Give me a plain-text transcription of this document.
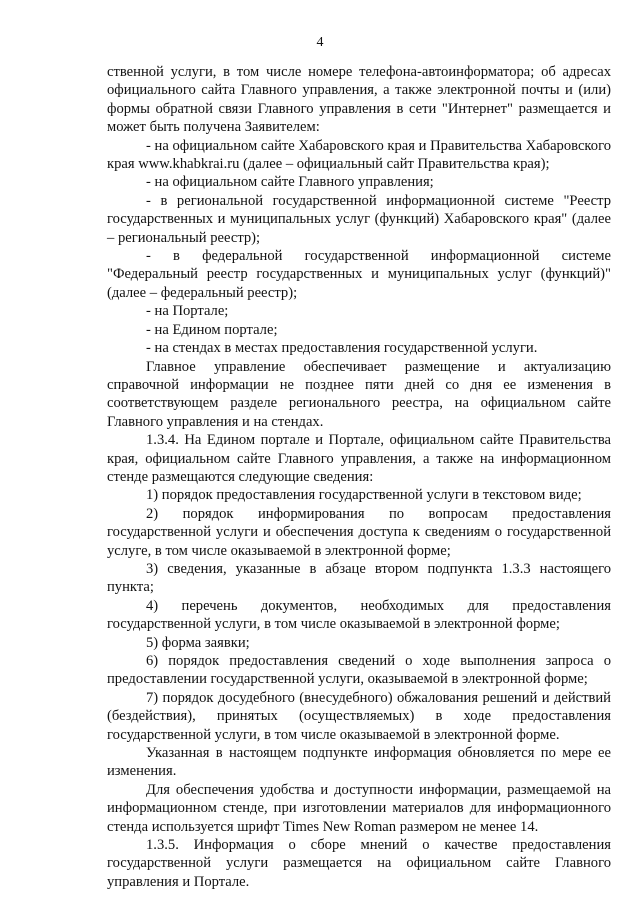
4

ственной услуги, в том числе номере телефона-автоинформатора; об адресах официального сайта Главного управления, а также электронной почты и (или) формы обратной связи Главного управления в сети "Интернет" размещается и может быть получена Заявителем:

- на официальном сайте Хабаровского края и Правительства Хабаровского края www.khabkrai.ru (далее – официальный сайт Правительства края);

- на официальном сайте Главного управления;

- в региональной государственной информационной системе "Реестр государственных и муниципальных услуг (функций) Хабаровского края" (далее – региональный реестр);

- в федеральной государственной информационной системе "Федеральный реестр государственных и муниципальных услуг (функций)" (далее – федеральный реестр);

- на Портале;

- на Едином портале;

- на стендах в местах предоставления государственной услуги.

Главное управление обеспечивает размещение и актуализацию справочной информации не позднее пяти дней со дня ее изменения в соответствующем разделе регионального реестра, на официальном сайте Главного управления и на стендах.

1.3.4. На Едином портале и Портале, официальном сайте Правительства края, официальном сайте Главного управления, а также на информационном стенде размещаются следующие сведения:

1) порядок предоставления государственной услуги в текстовом виде;

2) порядок информирования по вопросам предоставления государственной услуги и обеспечения доступа к сведениям о государственной услуге, в том числе оказываемой в электронной форме;

3) сведения, указанные в абзаце втором подпункта 1.3.3 настоящего пункта;

4) перечень документов, необходимых для предоставления государственной услуги, в том числе оказываемой в электронной форме;

5) форма заявки;

6) порядок предоставления сведений о ходе выполнения запроса о предоставлении государственной услуги, оказываемой в электронной форме;

7) порядок досудебного (внесудебного) обжалования решений и действий (бездействия), принятых (осуществляемых) в ходе предоставления государственной услуги, в том числе оказываемой в электронной форме.

Указанная в настоящем подпункте информация обновляется по мере ее изменения.

Для обеспечения удобства и доступности информации, размещаемой на информационном стенде, при изготовлении материалов для информационного стенда используется шрифт Times New Roman размером не менее 14.

1.3.5. Информация о сборе мнений о качестве предоставления государственной услуги размещается на официальном сайте Главного управления и Портале.
